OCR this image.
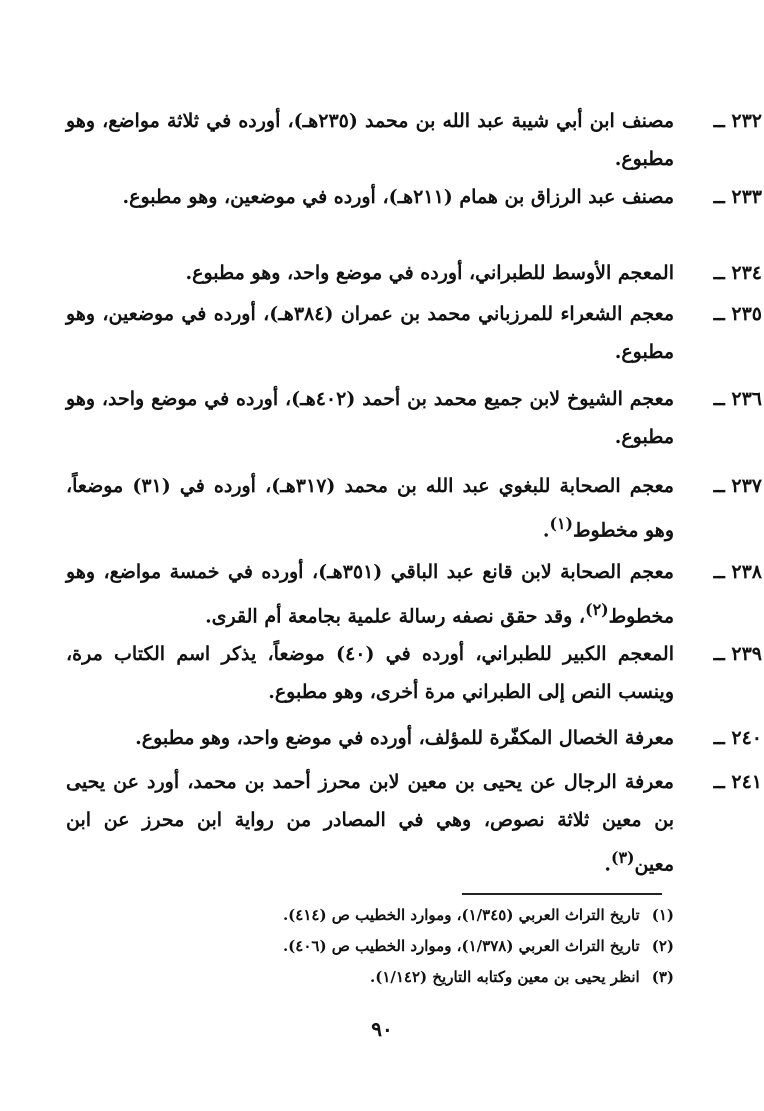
٢٣٢ ــ
مصنف ابن أبي شيبة عبد الله بن محمد (٢٣٥هـ)، أورده في ثلاثة مواضع، وهو مطبوع.
٢٣٣ ــ
مصنف عبد الرزاق بن همام (٢١١هـ)، أورده في موضعين، وهو مطبوع.
٢٣٤ ــ
المعجم الأوسط للطبراني، أورده في موضع واحد، وهو مطبوع.
٢٣٥ ــ
معجم الشعراء للمرزباني محمد بن عمران (٣٨٤هـ)، أورده في موضعين، وهو مطبوع.
٢٣٦ ــ
معجم الشيوخ لابن جميع محمد بن أحمد (٤٠٢هـ)، أورده في موضع واحد، وهو مطبوع.
٢٣٧ ــ
معجم الصحابة للبغوي عبد الله بن محمد (٣١٧هـ)، أورده في (٣١) موضعاً، وهو مخطوط$^{(١)}$.
٢٣٨ ــ
معجم الصحابة لابن قانع عبد الباقي (٣٥١هـ)، أورده في خمسة مواضع، وهو مخطوط$^{(٢)}$، وقد حقق نصفه رسالة علمية بجامعة أم القرى.
٢٣٩ ــ
المعجم الكبير للطبراني، أورده في (٤٠) موضعاً، يذكر اسم الكتاب مرة، وينسب النص إلى الطبراني مرة أخرى، وهو مطبوع.
٢٤٠ ــ
معرفة الخصال المكفّرة للمؤلف، أورده في موضع واحد، وهو مطبوع.
٢٤١ ــ
معرفة الرجال عن يحيى بن معين لابن محرز أحمد بن محمد، أورد عن يحيى بن معين ثلاثة نصوص، وهي في المصادر من رواية ابن محرز عن ابن معين$^{(٣)}$.
(١)تاريخ التراث العربي (١/٣٤٥)، وموارد الخطيب ص (٤١٤).
(٢)تاريخ التراث العربي (١/٣٧٨)، وموارد الخطيب ص (٤٠٦).
(٣)انظر يحيى بن معين وكتابه التاريخ (١/١٤٢).
٩٠
